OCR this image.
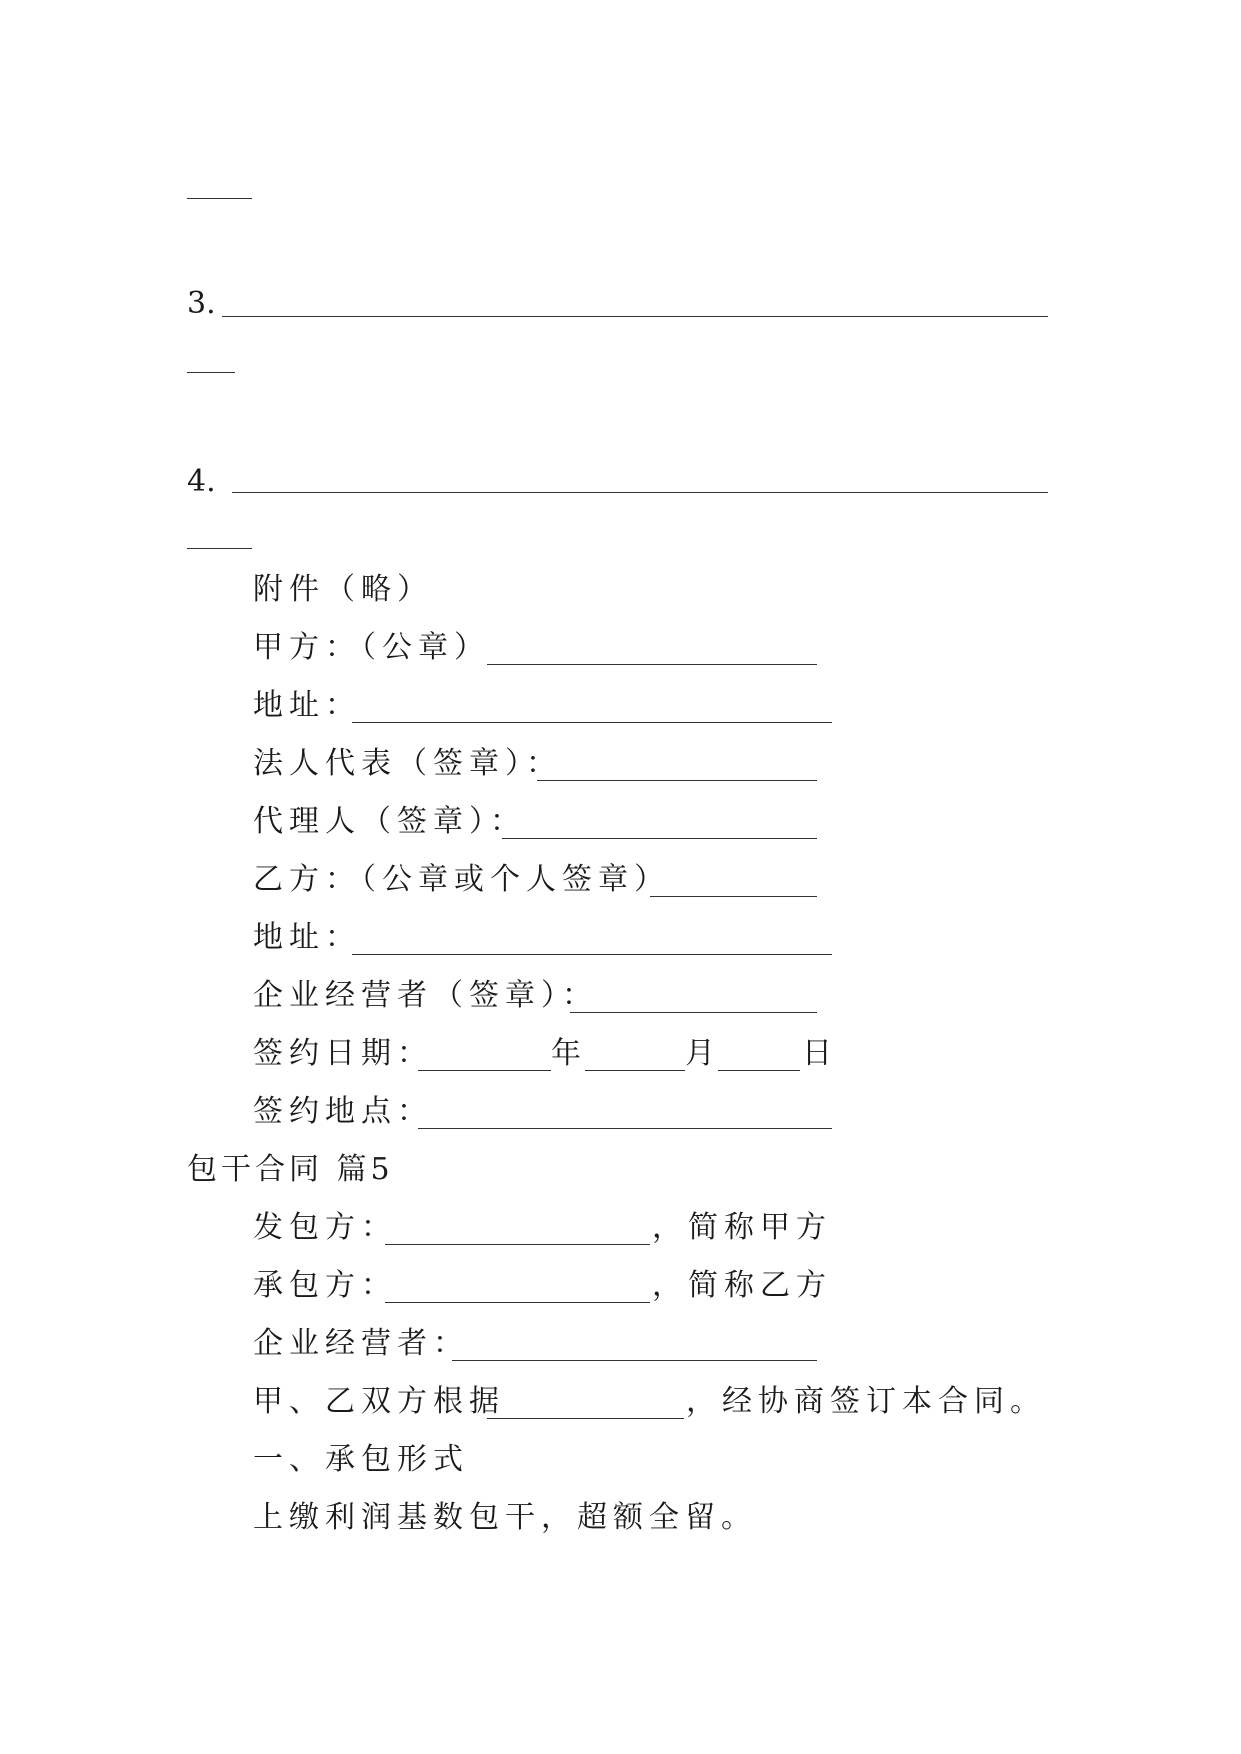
3.
4.
附件（略）
甲方：（公章）
地址：
法人代表（签章）：
代理人（签章）：
乙方：（公章或个人签章）
地址：
企业经营者（签章）：
签约日期：	年	月	日
签约地点：
包干合同 篇5
发包方：	，简称甲方
承包方：	，简称乙方
企业经营者：
甲、乙双方根据	，经协商签订本合同。
一、承包形式
上缴利润基数包干，超额全留。
